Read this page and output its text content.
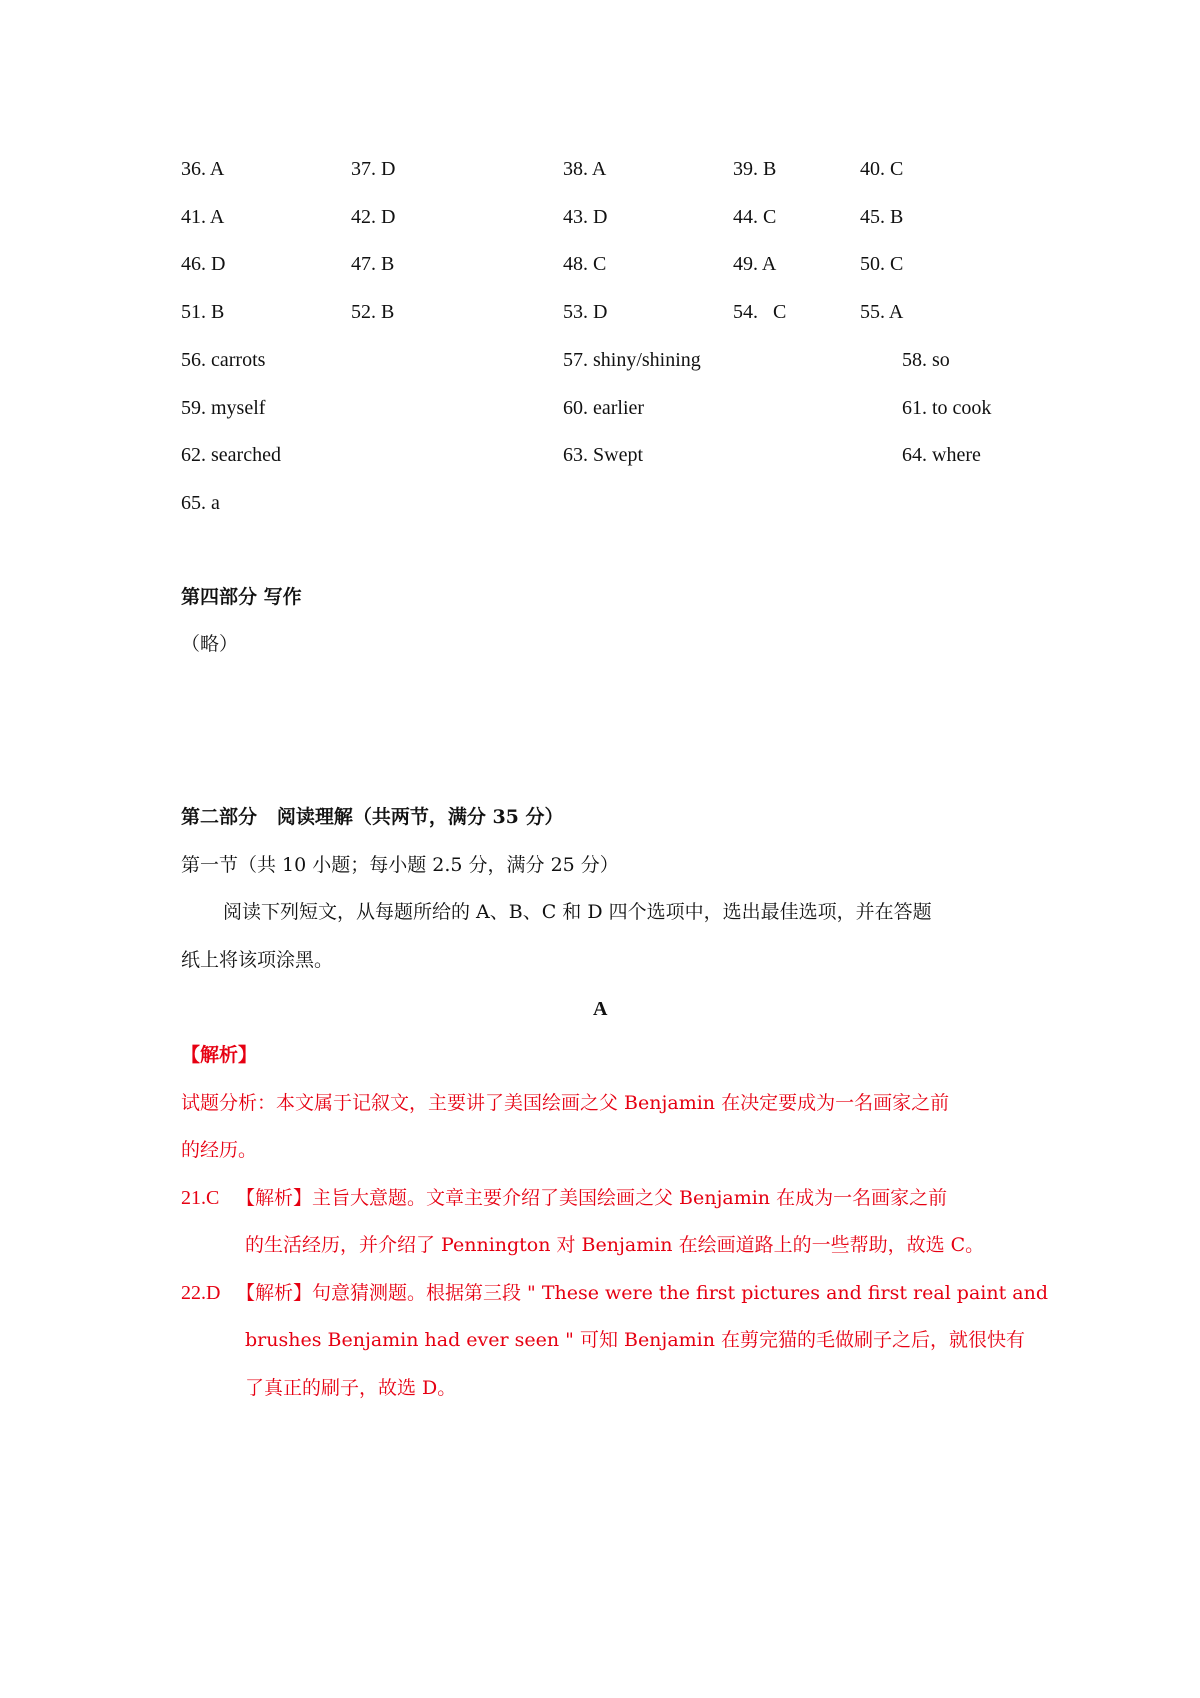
36. A	37. D	38. A	39. B	40. C
41. A	42. D	43. D	44. C	45. B
46. D	47. B	48. C	49. A	50. C
51. B	52. B	53. D	54.   C	55. A
56. carrots	57. shiny/shining	58. so
59. myself	60. earlier	61. to cook
62. searched	63. Swept	64. where
65. a
第四部分 写作
（略）
第二部分   阅读理解（共两节，满分 35 分）
第一节（共 10 小题；每小题 2.5 分，满分 25 分）
阅读下列短文，从每题所给的 A、B、C 和 D 四个选项中，选出最佳选项，并在答题
纸上将该项涂黑。
A
【解析】
试题分析：本文属于记叙文，主要讲了美国绘画之父 Benjamin 在决定要成为一名画家之前
的经历。
21.C 【解析】主旨大意题。文章主要介绍了美国绘画之父 Benjamin 在成为一名画家之前
的生活经历，并介绍了 Pennington 对 Benjamin 在绘画道路上的一些帮助，故选 C。
22.D 【解析】句意猜测题。根据第三段 " These were the first pictures and first real paint and
brushes Benjamin had ever seen " 可知 Benjamin 在剪完猫的毛做刷子之后，就很快有
了真正的刷子，故选 D。
